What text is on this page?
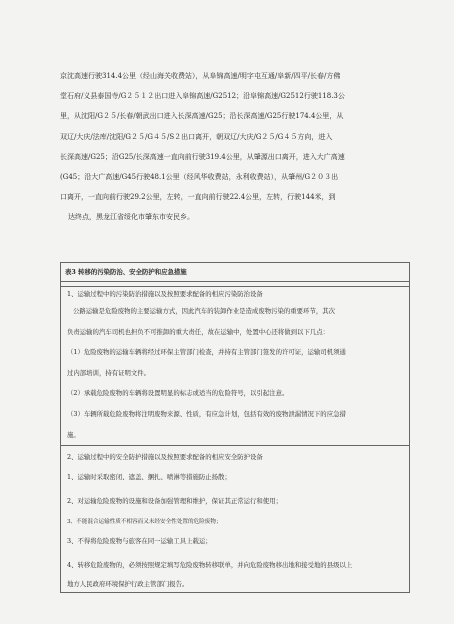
京沈高速行驶314.4公里（经山海关收费站），从阜锦高速/明字屯互通/阜新/四平/长春/方佛
堂石府/义县泰国寺/G２５１２出口进入阜锦高速/G2512；沿阜锦高速/G2512行驶118.3公
里，从沈阳/G２５/长春/朝武出口进入长深高速/G25；沿长深高速/G25行驶174.4公里，从
双辽/大庆/法库/沈阳/G２５/G４５/S２出口离开，朝双辽/大庆/G２５/G４５方向，进入
长深高速/G25；沿G25/长深高速一直向前行驶319.4公里，从肇源出口离开，进入大广高速
(G45；沿大广高速/G45行驶48.1公里（经风华收费站，永利收费站），从肇州/G２０３出
口离开，一直向前行驶29.2公里，左转，一直向前行驶22.4公里，左转，行驶144米，到
达终点，黑龙江省绥化市肇东市安民乡。
表3 转移的污染防治、安全防护和应急措施

1、运输过程中的污染防治措施以及按照要求配备的相应污染防治设备

公路运输是危险废物的主要运输方式，因此汽车的装卸作业是造成废物污染的重要环节，其次

负责运输的汽车司机也担负不可推卸的重大责任，故在运输中，处置中心还将做到以下几点：

（1）危险废物的运输车辆将经过环保主管部门检查，并持有主管部门签发的许可证，运输司机须通

过内部培训，持有证明文件。

（2）承载危险废物的车辆将设置明显的标志或适当的危险符号，以引起注意。

（3）车辆所载危险废物将注明废物来源、性质，有应急计划，包括有效的废物泄漏情况下的应急措

施。

2、运输过程中的安全防护措施以及按照要求配备的相应安全防护设备

1、运输时采取密闭、遮盖、捆扎、喷淋等措施防止扬散；

2、对运输危险废物的设施和设备加强管理和维护，保证其正常运行和使用；

3、不能混合运输性质不相容而又未经安全性处置的危险废物；

3、不得将危险废物与旅客在同一运输工具上载运；

4、转移危险废物的，必须按照规定填写危险废物转移联单，并向危险废物移出地和接受地的县级以上

地方人民政府环境保护行政主管部门报告。
